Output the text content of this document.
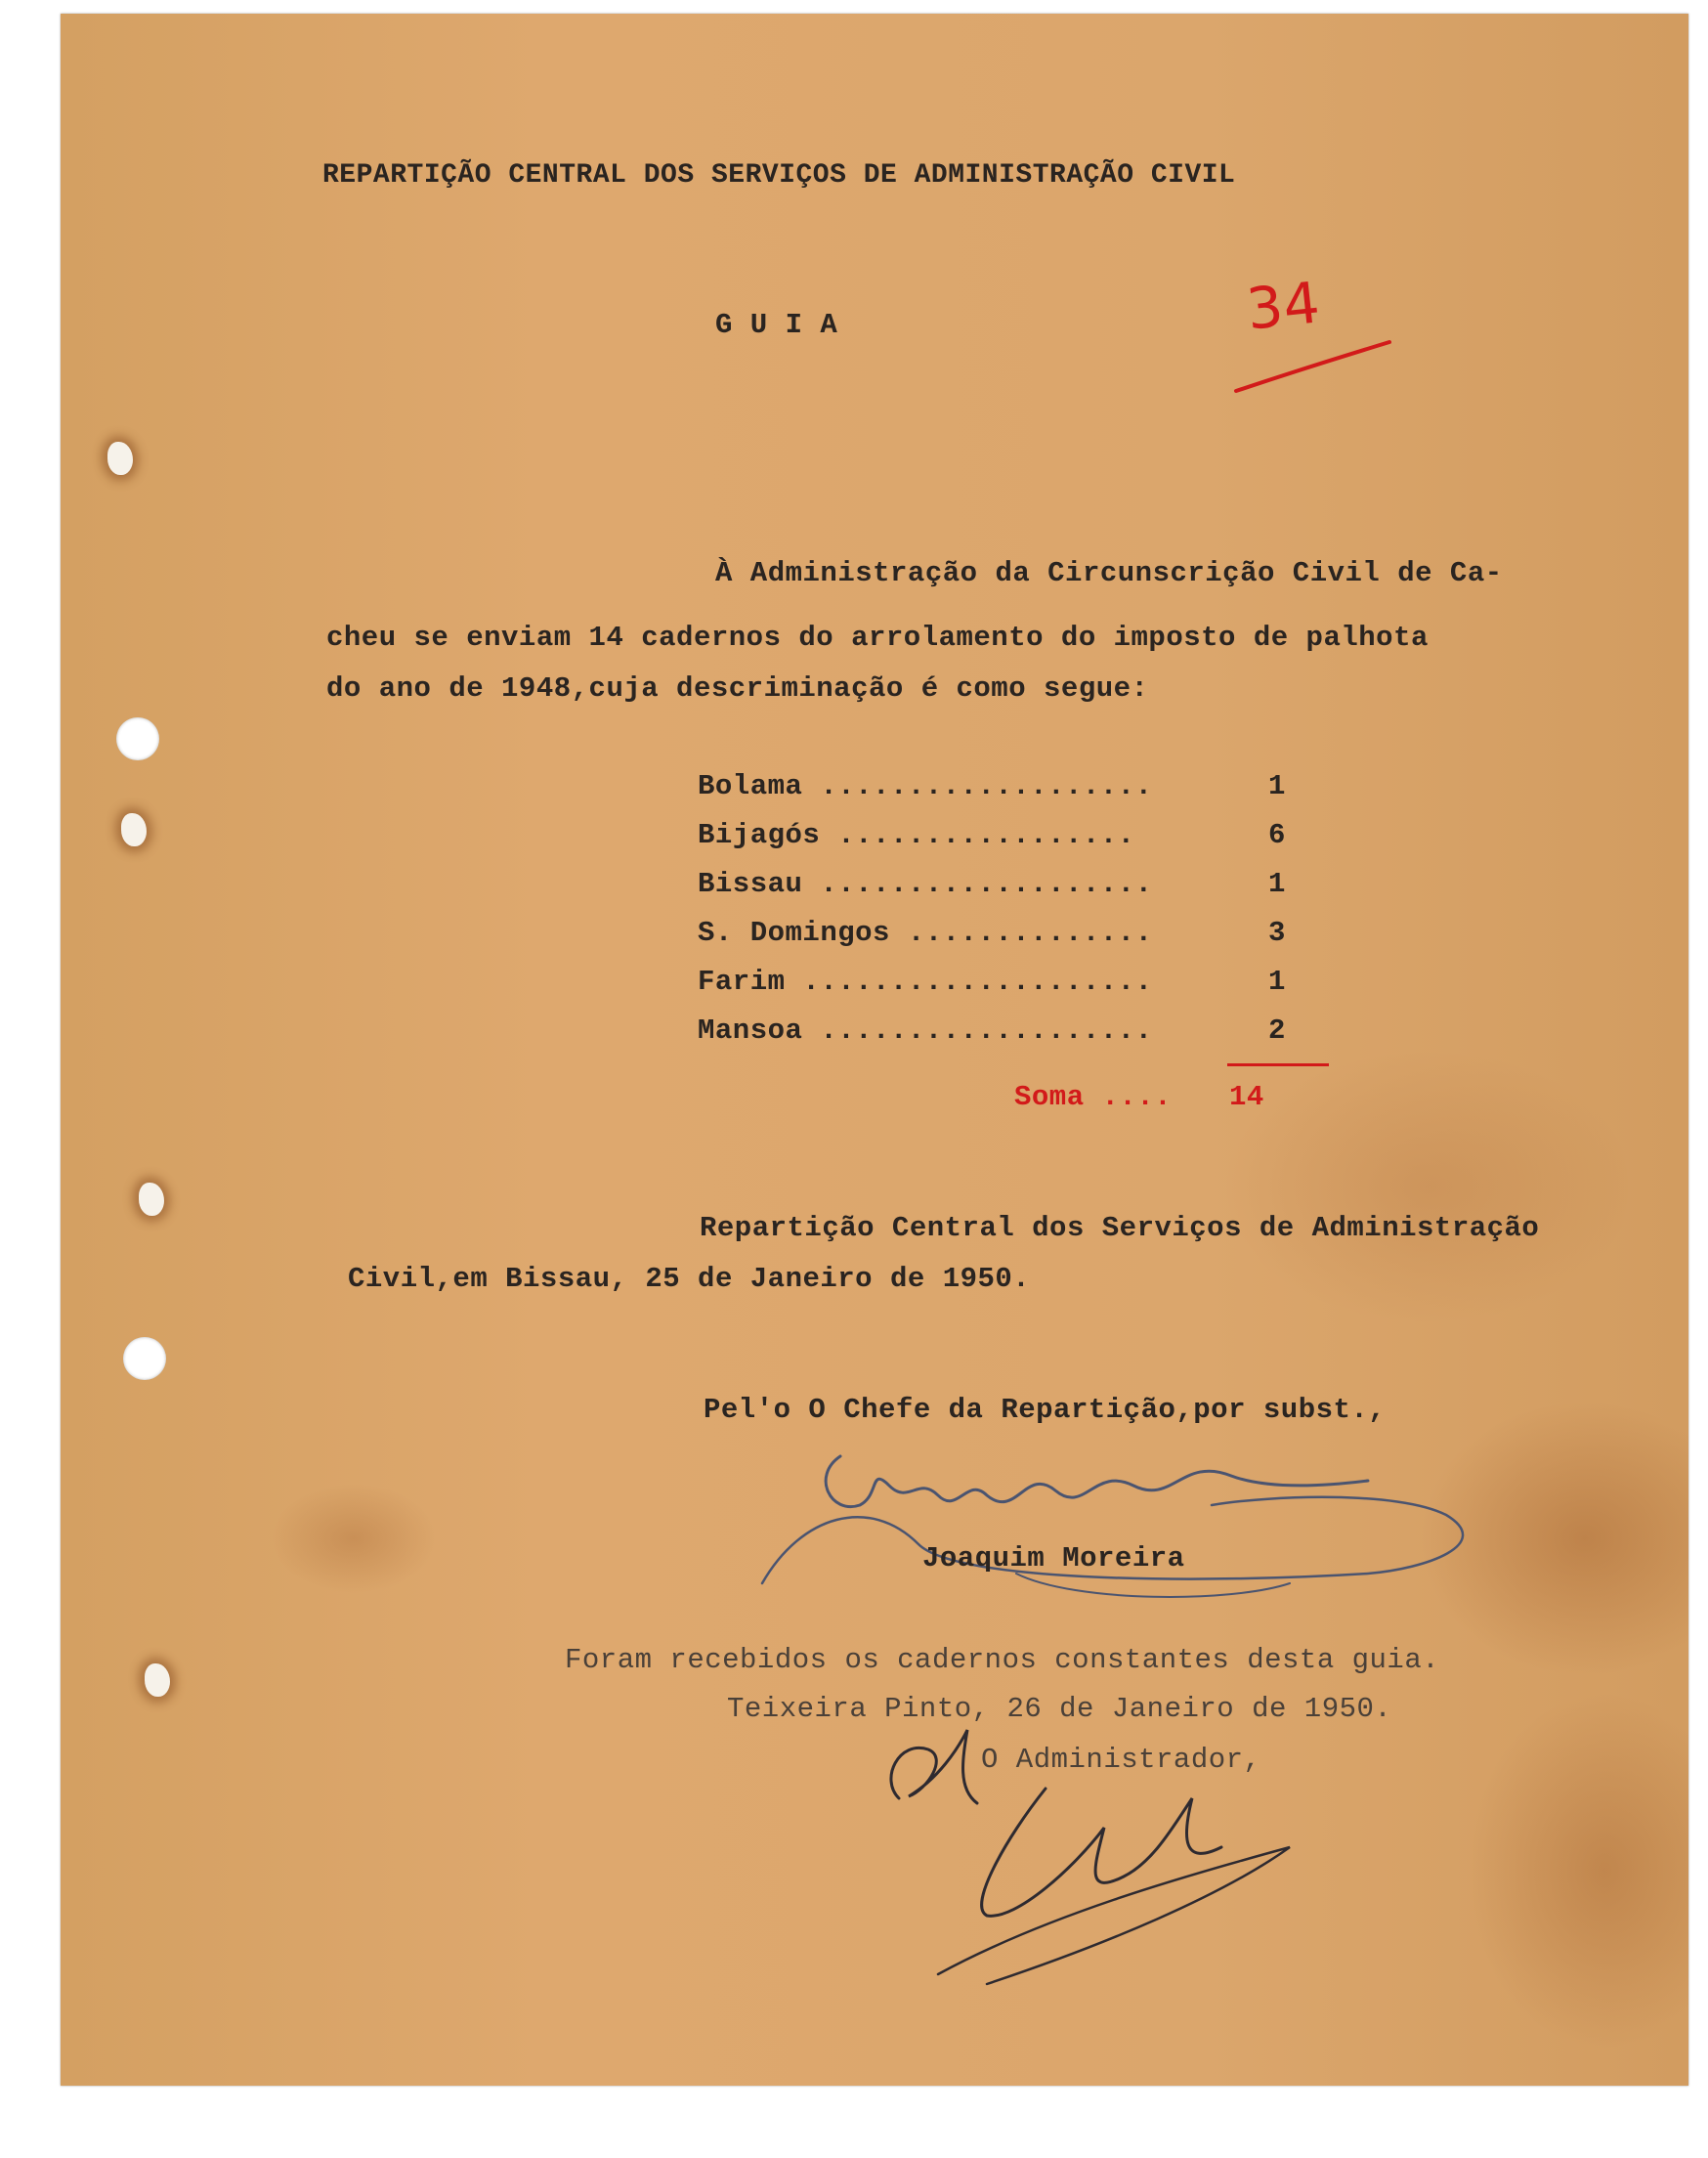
REPARTIÇÃO CENTRAL DOS SERVIÇOS DE ADMINISTRAÇÃO CIVIL
G U I A	34
À Administração da Circunscrição Civil de Ca-
cheu se enviam 14 cadernos do arrolamento do imposto de palhota
do ano de 1948,cuja descriminação é como segue:
Bolama ...................	1
Bijagós .................	6
Bissau ...................	1
S. Domingos ..............	3
Farim ....................	1
Mansoa ...................	2
Soma .... 14
Repartição Central dos Serviços de Administração
Civil,em Bissau, 25 de Janeiro de 1950.
Pel'o O Chefe da Repartição,por subst.,
Joaquim Moreira
Foram recebidos os cadernos constantes desta guia.
Teixeira Pinto, 26 de Janeiro de 1950.
O Administrador,
